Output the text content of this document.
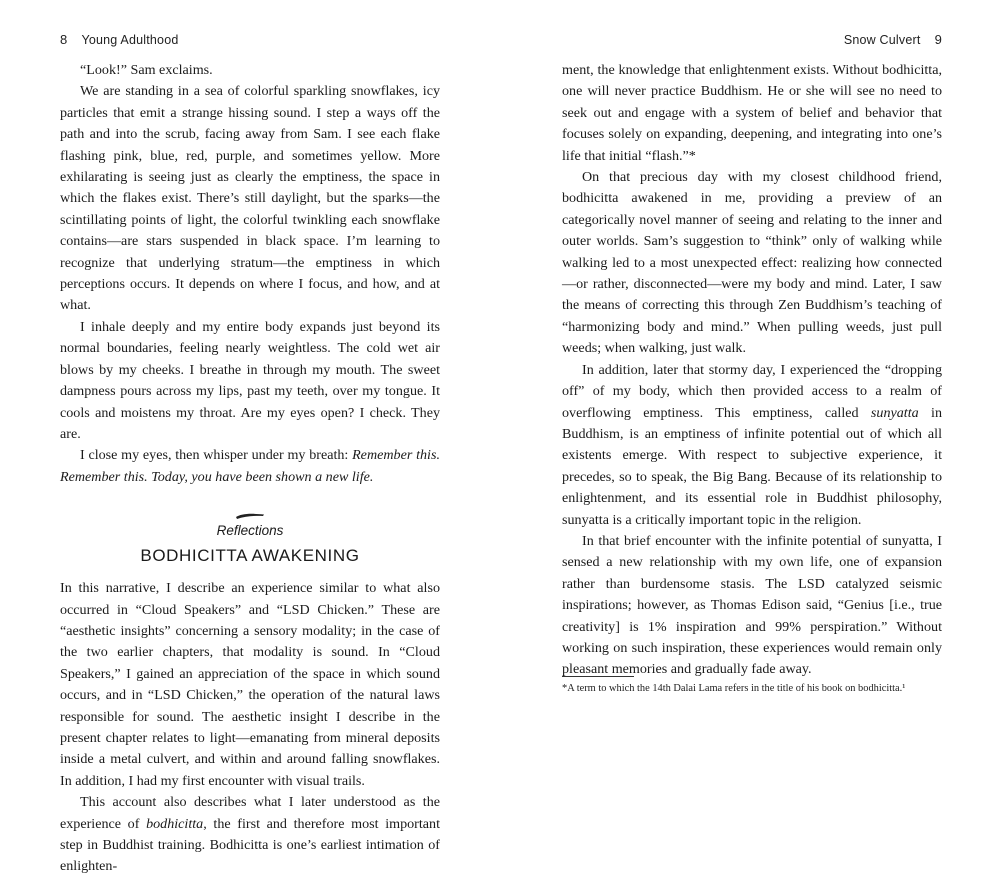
8 Young Adulthood

“Look!” Sam exclaims.

We are standing in a sea of colorful sparkling snowflakes, icy particles that emit a strange hissing sound. I step a ways off the path and into the scrub, facing away from Sam. I see each flake flashing pink, blue, red, purple, and sometimes yellow. More exhilarating is seeing just as clearly the emptiness, the space in which the flakes exist. There’s still daylight, but the sparks—the scintillating points of light, the colorful twinkling each snowflake contains—are stars suspended in black space. I’m learning to recognize that underlying stratum—the emptiness in which perceptions occurs. It depends on where I focus, and how, and at what.

I inhale deeply and my entire body expands just beyond its normal boundaries, feeling nearly weightless. The cold wet air blows by my cheeks. I breathe in through my mouth. The sweet dampness pours across my lips, past my teeth, over my tongue. It cools and moistens my throat. Are my eyes open? I check. They are.

I close my eyes, then whisper under my breath: Remember this. Remember this. Today, you have been shown a new life.

Reflections
BODHICITTA AWAKENING

In this narrative, I describe an experience similar to what also occurred in “Cloud Speakers” and “LSD Chicken.” These are “aesthetic insights” concerning a sensory modality; in the case of the two earlier chapters, that modality is sound. In “Cloud Speakers,” I gained an appreciation of the space in which sound occurs, and in “LSD Chicken,” the operation of the natural laws responsible for sound. The aesthetic insight I describe in the present chapter relates to light—emanating from mineral deposits inside a metal culvert, and within and around falling snowflakes. In addition, I had my first encounter with visual trails.

This account also describes what I later understood as the experience of bodhicitta, the first and therefore most important step in Buddhist training. Bodhicitta is one’s earliest intimation of enlighten-

Snow Culvert 9

ment, the knowledge that enlightenment exists. Without bodhicitta, one will never practice Buddhism. He or she will see no need to seek out and engage with a system of belief and behavior that focuses solely on expanding, deepening, and integrating into one’s life that initial “flash.”*

On that precious day with my closest childhood friend, bodhicitta awakened in me, providing a preview of an categorically novel manner of seeing and relating to the inner and outer worlds. Sam’s suggestion to “think” only of walking while walking led to a most unexpected effect: realizing how connected—or rather, disconnected—were my body and mind. Later, I saw the means of correcting this through Zen Buddhism’s teaching of “harmonizing body and mind.” When pulling weeds, just pull weeds; when walking, just walk.

In addition, later that stormy day, I experienced the “dropping off” of my body, which then provided access to a realm of overflowing emptiness. This emptiness, called sunyatta in Buddhism, is an emptiness of infinite potential out of which all existents emerge. With respect to subjective experience, it precedes, so to speak, the Big Bang. Because of its relationship to enlightenment, and its essential role in Buddhist philosophy, sunyatta is a critically important topic in the religion.

In that brief encounter with the infinite potential of sunyatta, I sensed a new relationship with my own life, one of expansion rather than burdensome stasis. The LSD catalyzed seismic inspirations; however, as Thomas Edison said, “Genius [i.e., true creativity] is 1% inspiration and 99% perspiration.” Without working on such inspiration, these experiences would remain only pleasant memories and gradually fade away.

*A term to which the 14th Dalai Lama refers in the title of his book on bodhicitta.¹
